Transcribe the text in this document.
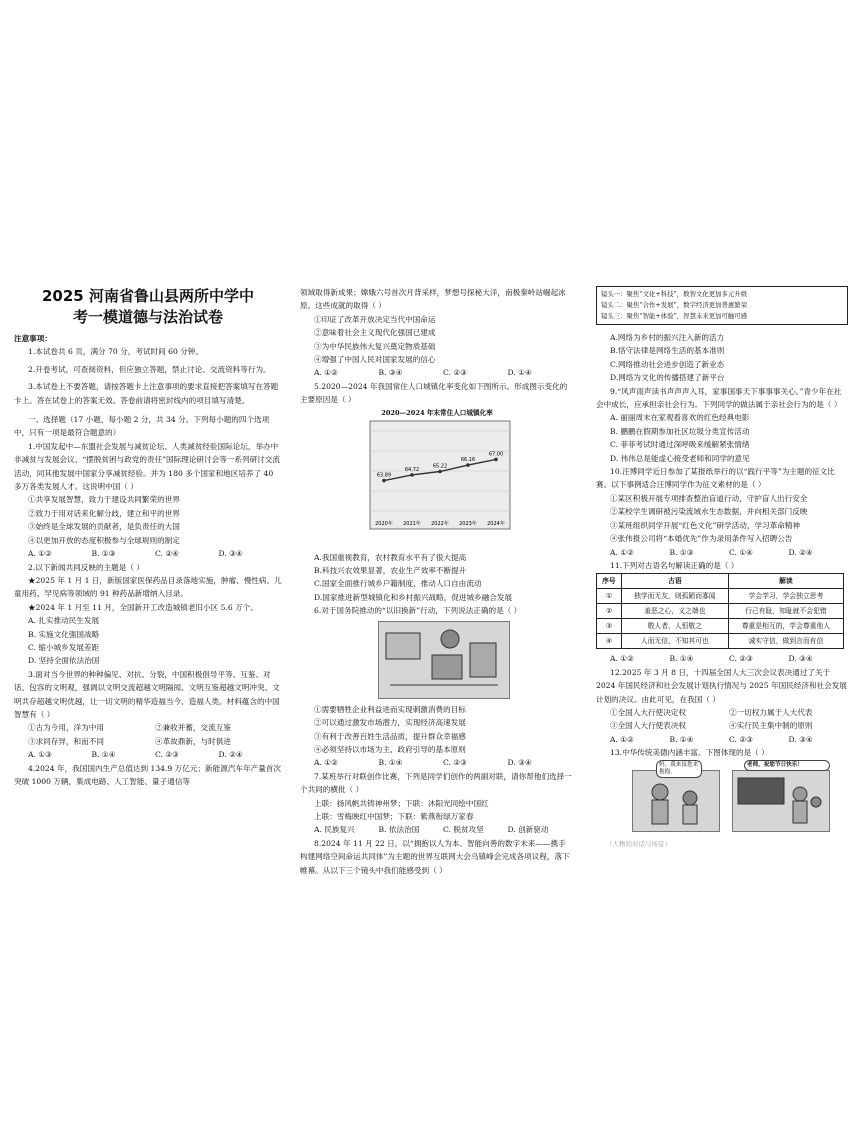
2025 河南省鲁山县两所中学中

考一模道德与法治试卷

注意事项：

1.本试卷共 6 页，满分 70 分，考试时间 60 分钟。

2.开卷考试，可查阅资料，但应独立答题，禁止讨论、交流资料等行为。

3.本试卷上不要答题，请按答题卡上注意事项的要求直接把答案填写在答题卡上。答在试卷上的答案无效。答卷前请将密封线内的项目填写清楚。

一、选择题（17 小题，每小题 2 分，共 34 分。下列每小题的四个选项中，只有一项是最符合题意的）

1.中国发起中—东盟社会发展与减贫论坛、人类减贫经验国际论坛，举办中非减贫与发展会议、“摆脱贫困与政党的责任”国际理论研讨会等一系列研讨交流活动，同其他发展中国家分享减贫经验。并为 180 多个国家和地区培养了 40 多万各类发展人才。这说明中国（ ）

①共享发展智慧，致力于建设共同繁荣的世界

②致力于用对话来化解分歧，建立和平的世界

③始终是全球发展的贡献者，是负责任的大国

④以更加开放的态度积极参与全球规则的制定

A. ①②	B. ①③	C. ②④	D. ③④

2.以下新闻共同反映的主题是（ ）

★2025 年 1 月 1 日，新版国家医保药品目录落地实施，肿瘤、慢性病、儿童用药、罕见病等领域的 91 种药品新增纳入目录。

★2024 年 1 月至 11 月，全国新开工改造城镇老旧小区 5.6 万个。

A. 扎实推动民生发展

B. 实施文化强国战略

C. 缩小城乡发展差距

D. 坚持全面依法治国

3.面对当今世界的种种偏见、对抗、分裂，中国积极倡导平等、互鉴、对话、包容的文明观，强调以文明交流超越文明隔阂、文明互鉴超越文明冲突、文明共存超越文明优越，让一切文明的精华造福当今、造福人类。材料蕴含的中国智慧有（ ）

①古为今用，洋为中用	②兼收并蓄，交流互鉴
③求同存异，和而不同	④革故鼎新，与时俱进
A. ①③	B. ①④	C. ②③	D. ②④

4.2024 年，我国国内生产总值达到 134.9 万亿元；新能源汽车年产量首次突破 1000 万辆，集成电路、人工智能、量子通信等

领域取得新成果；嫦娥六号首次月背采样，梦想号探秘大洋，南极秦岭站崛起冰原。这些成就的取得（ ）

①印证了改革开放决定当代中国命运

②意味着社会主义现代化强国已建成

③为中华民族伟大复兴奠定物质基础

④增强了中国人民对国家发展的信心

A. ①②	B. ③④	C. ②③	D. ①④

5.2020—2024 年我国常住人口城镇化率变化如下图所示。形成图示变化的主要原因是（ ）

2020—2024 年末常住人口城镇化率
63.89
2020年
64.72
2021年
65.22
2022年
66.16
2023年
67.00
2024年

A.我国重视教育，农村教育水平有了很大提高

B.科技兴农效果显著，农业生产效率不断提升

C.国家全面推行城乡户籍制度，推动人口自由流动

D.国家推进新型城镇化和乡村振兴战略，促进城乡融合发展

6.对于国务院推动的“以旧换新”行动，下列说法正确的是（ ）

①需要牺牲企业利益进而实现刺激消费的目标

②可以通过激发市场潜力，实现经济高速发展

③有利于改善百姓生活品质，提升群众幸福感

④必须坚持以市场为主、政府引导的基本原则

A. ①②	B. ①④	C. ②③	D. ③④

7.某班举行对联创作比赛，下列是同学们创作的两副对联，请你帮他们选择一个共同的横批（ ）

上联：扬风帆共铸神州梦；下联：沐阳光同绘中国红

上联：雪梅映红中国梦；下联：紫燕衔绿万家春

A. 民族复兴	B. 依法治国	C. 脱贫攻坚	D. 创新驱动

8.2024 年 11 月 22 日，以“拥抱以人为本、智能向善的数字未来——携手构建网络空间命运共同体”为主题的世界互联网大会乌镇峰会完成各项议程，落下帷幕。从以下三个镜头中我们能感受到（ ）

镜头一：聚焦“文化+科技”，数智文化更加多元升级

镜头二：聚焦“合作+发展”，数字经济更加普惠繁荣

镜头三：聚焦“智能+体验”，智慧未来更加可触可感

A.网络为乡村的振兴注入新的活力

B.恪守法律是网络生活的基本准则

C.网络推动社会进步创造了新业态

D.网络为文化的传播搭建了新平台

9.“风声雨声读书声声声入耳，家事国事天下事事事关心。”青少年在社会中成长，应承担亲社会行为。下列同学的做法属于亲社会行为的是（ ）

A. 丽丽周末在家观看喜欢的红色经典电影

B. 鹏鹏在假期参加社区垃圾分类宣传活动

C. 菲菲考试时通过深呼吸来缓解紧张情绪

D. 伟伟总是能虚心接受老师和同学的意见

10.汪博同学近日参加了某报纸举行的以“践行平等”为主题的征文比赛。以下事例适合汪博同学作为征文素材的是（ ）

①某区积极开展专项排查整治盲道行动，守护盲人出行安全

②某校学生调研被污染流域水生态数据，并向相关部门反映

③某班组织同学开展“红色文化”研学活动，学习革命精神

④张伟报公司将“本婚优先”作为录用条件写入招聘公告

A. ①②	B. ①③	C. ①④	D. ②④

11.下列对古语名句解读正确的是（ ）

序号	古语	解读
①	独学而无友，则孤陋而寡闻	学会学习，学会独立思考
②	羞恶之心，义之端也	行己有耻，知耻就不会犯错
③	敬人者，人恒敬之	尊重是相互的，学会尊重他人
④	人而无信，不知其可也	诚实守信，做到言而有信
A. ①②	B. ①④	C. ②③	D. ③④

12.2025 年 3 月 8 日，十四届全国人大三次会议表决通过了关于 2024 年国民经济和社会发展计划执行情况与 2025 年国民经济和社会发展计划的决议。由此可见，在我国（ ）

①全国人大行使决定权	②一切权力属于人大代表
③全国人大行使表决权	④实行民主集中制的原则
A. ①②	B. ①④	C. ②③	D. ③④

13.中华传统美德内涵丰富。下图体现的是（ ）

妈，我来接您来抱抱。
老师，祝您节日快乐！

（人物的对话与场景）
